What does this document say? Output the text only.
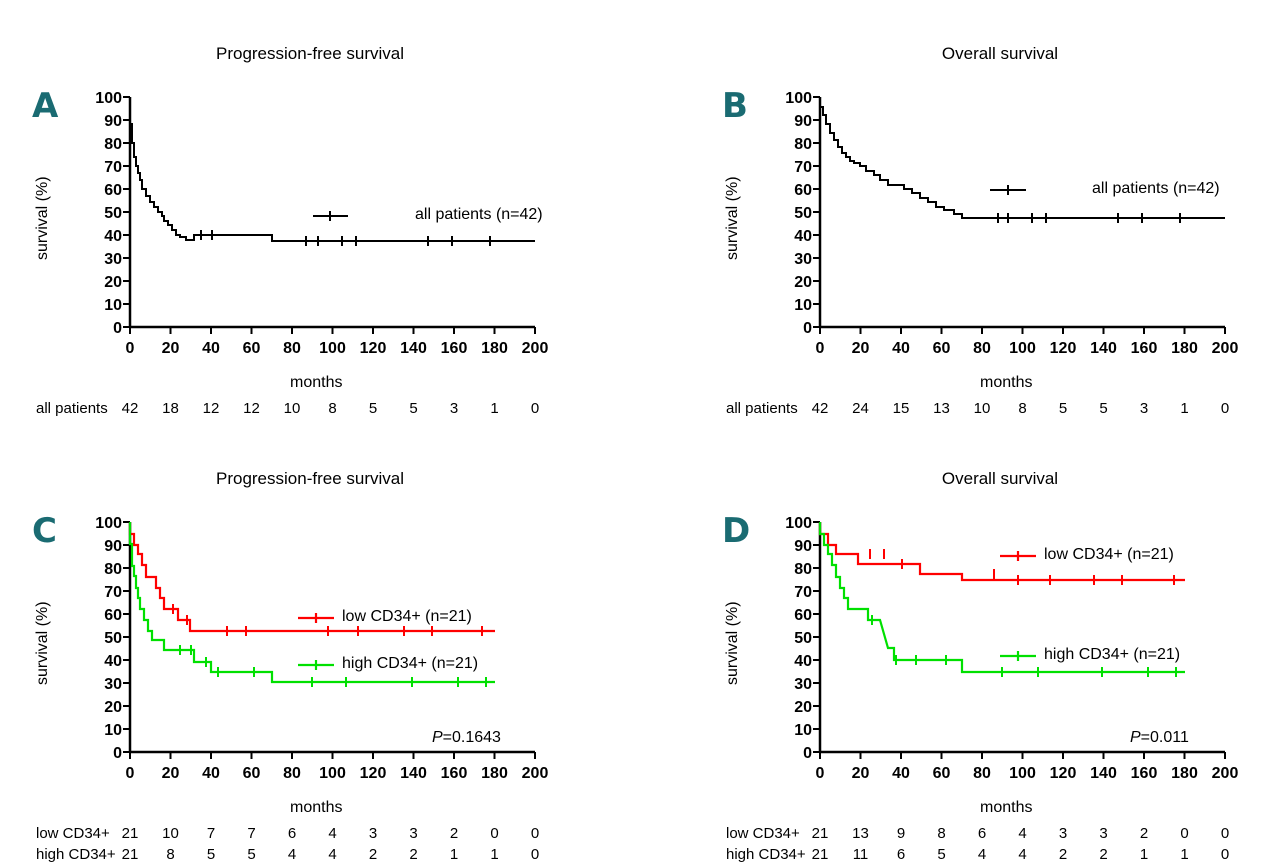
A
Progression-free survival
survival (%)
months
100
90
80
70
60
50
40
30
20
10
0
0 20 40 60 80 100 120 140 160 180 200
all patients (n=42)
all patients 42	18	12	12	10	8	5	5	3	1	0
B
Overall survival
survival (%)
months
100
90
80
70
60
50
40
30
20
10
0
0 20 40 60 80 100 120 140 160 180 200
all patients (n=42)
all patients 42	24	15	13	10	8	5	5	3	1	0
C
Progression-free survival
survival (%)
months
100
90
80
70
60
50
40
30
20
10
0
0 20 40 60 80 100 120 140 160 180 200
low CD34+ (n=21)
high CD34+ (n=21)
P=0.1643
low CD34+ 21	10	7	7	6	4	3	3	2	0	0
high CD34+ 21	8	5	5	4	4	2	2	1	1	0
D
Overall survival
survival (%)
months
100
90
80
70
60
50
40
30
20
10
0
0 20 40 60 80 100 120 140 160 180 200
low CD34+ (n=21)
high CD34+ (n=21)
P=0.011
low CD34+ 21	13	9	8	6	4	3	3	2	0	0
high CD34+ 21	11	6	5	4	4	2	2	1	1	0
